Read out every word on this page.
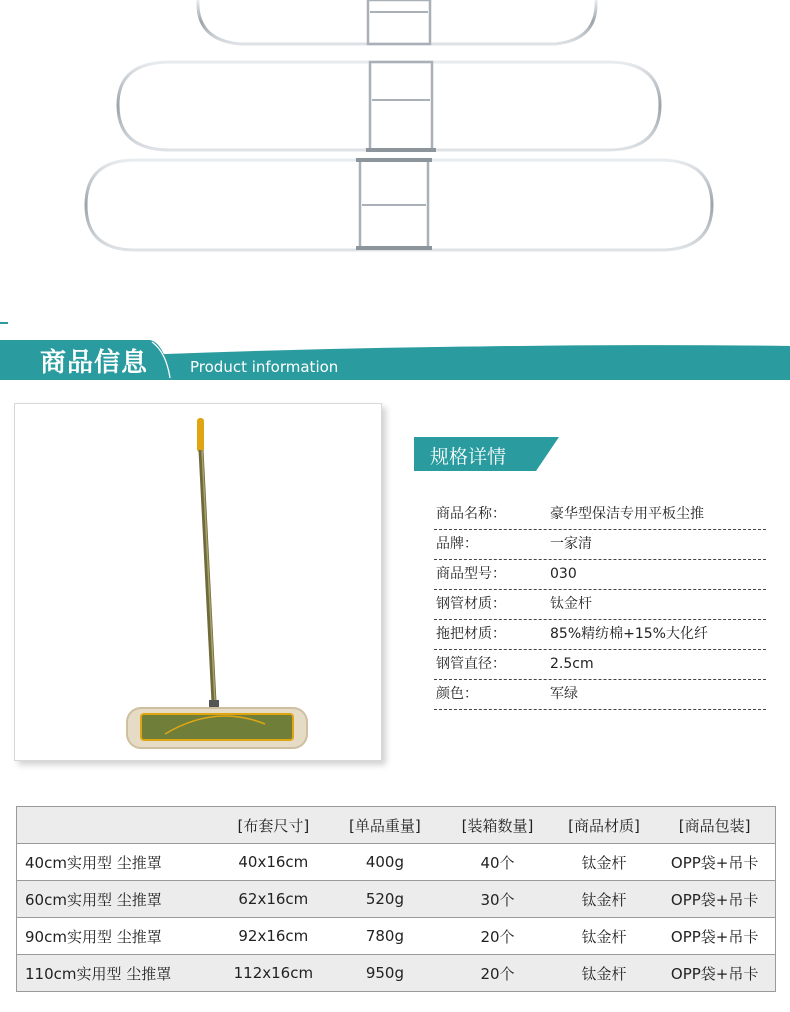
商品信息	Product information
规格详情
商品名称：	豪华型保洁专用平板尘推
品牌：	一家清
商品型号：	030
钢管材质：	钛金杆
拖把材质：	85%精纺棉+15%大化纤
钢管直径：	2.5cm
颜色：	军绿
	[布套尺寸]	[单品重量]	[装箱数量]	[商品材质]	[商品包装]
40cm实用型 尘推罩	40x16cm	400g	40个	钛金杆	OPP袋+吊卡
60cm实用型 尘推罩	62x16cm	520g	30个	钛金杆	OPP袋+吊卡
90cm实用型 尘推罩	92x16cm	780g	20个	钛金杆	OPP袋+吊卡
110cm实用型 尘推罩	112x16cm	950g	20个	钛金杆	OPP袋+吊卡
